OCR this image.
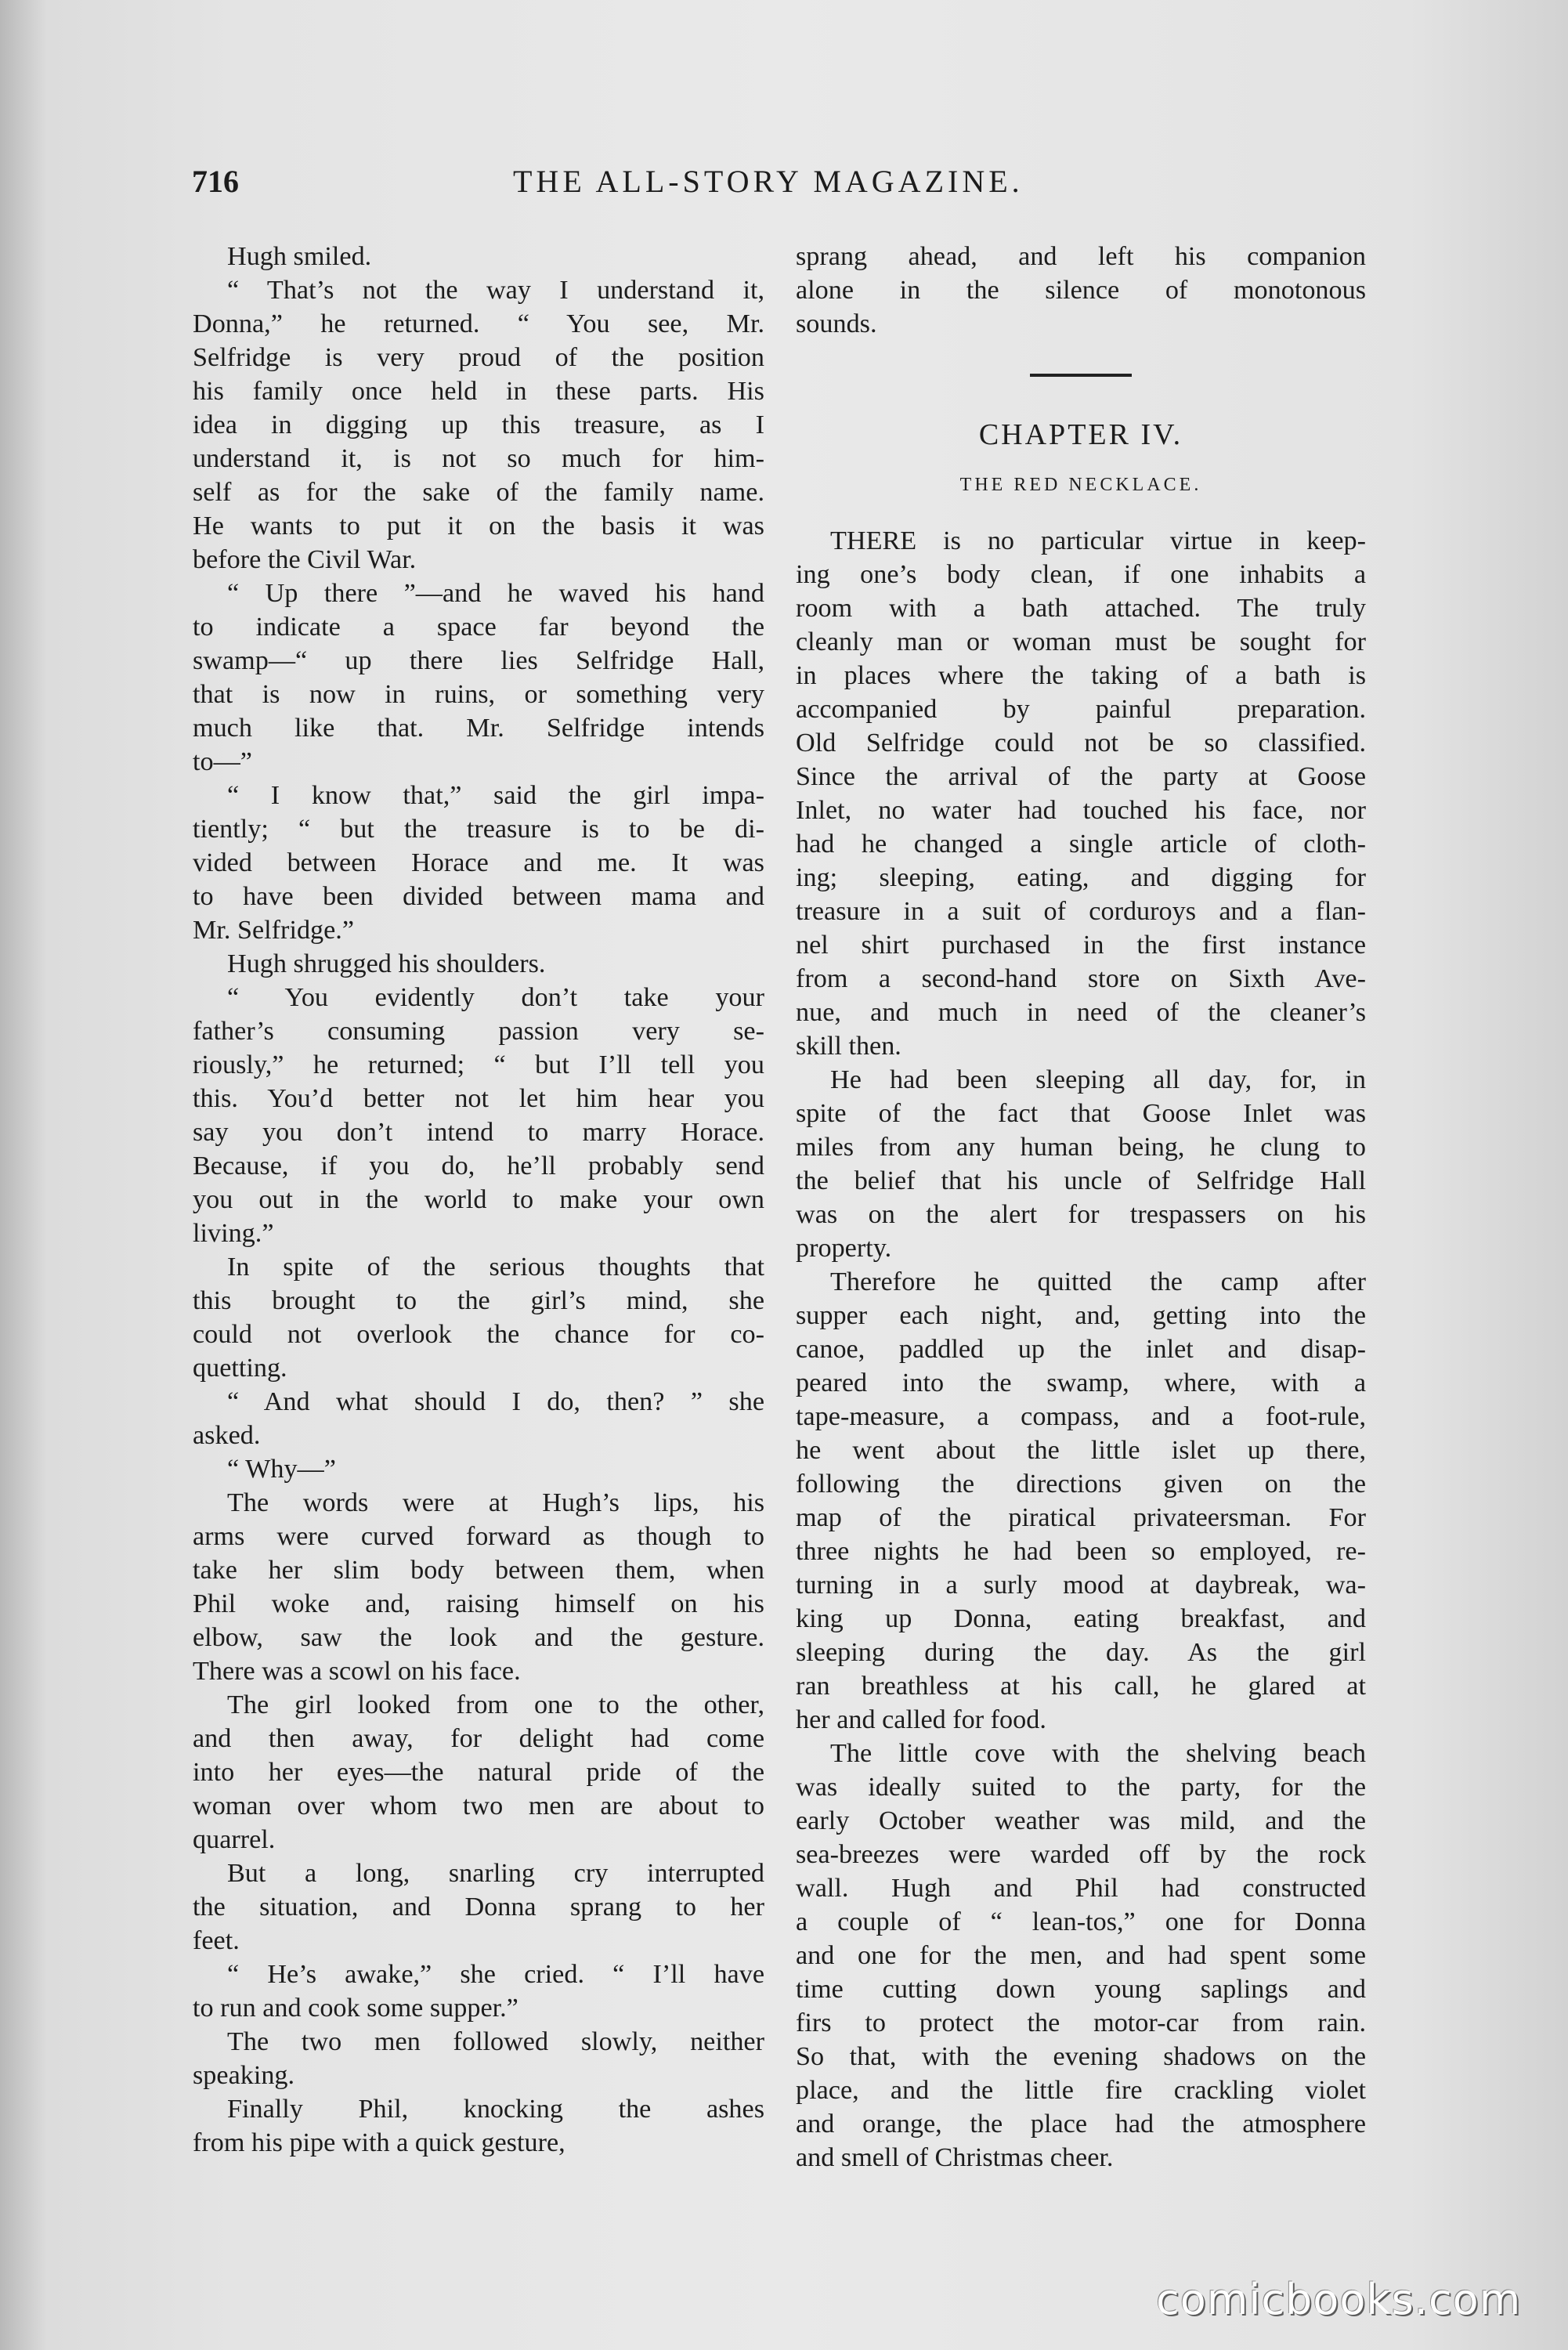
716	THE ALL-STORY MAGAZINE.
Hugh smiled.
“ That’s not the way I understand it,
Donna,” he returned. “ You see, Mr.
Selfridge is very proud of the position
his family once held in these parts. His
idea in digging up this treasure, as I
understand it, is not so much for him-
self as for the sake of the family name.
He wants to put it on the basis it was
before the Civil War.
“ Up there ”—and he waved his hand
to indicate a space far beyond the
swamp—“ up there lies Selfridge Hall,
that is now in ruins, or something very
much like that. Mr. Selfridge intends
to—”
“ I know that,” said the girl impa-
tiently; “ but the treasure is to be di-
vided between Horace and me. It was
to have been divided between mama and
Mr. Selfridge.”
Hugh shrugged his shoulders.
“ You evidently don’t take your
father’s consuming passion very se-
riously,” he returned; “ but I’ll tell you
this. You’d better not let him hear you
say you don’t intend to marry Horace.
Because, if you do, he’ll probably send
you out in the world to make your own
living.”
In spite of the serious thoughts that
this brought to the girl’s mind, she
could not overlook the chance for co-
quetting.
“ And what should I do, then? ” she
asked.
“ Why—”
The words were at Hugh’s lips, his
arms were curved forward as though to
take her slim body between them, when
Phil woke and, raising himself on his
elbow, saw the look and the gesture.
There was a scowl on his face.
The girl looked from one to the other,
and then away, for delight had come
into her eyes—the natural pride of the
woman over whom two men are about to
quarrel.
But a long, snarling cry interrupted
the situation, and Donna sprang to her
feet.
“ He’s awake,” she cried. “ I’ll have
to run and cook some supper.”
The two men followed slowly, neither
speaking.
Finally Phil, knocking the ashes
from his pipe with a quick gesture,
sprang ahead, and left his companion
alone in the silence of monotonous
sounds.
CHAPTER IV.
THE RED NECKLACE.
THERE is no particular virtue in keep-
ing one’s body clean, if one inhabits a
room with a bath attached. The truly
cleanly man or woman must be sought for
in places where the taking of a bath is
accompanied by painful preparation.
Old Selfridge could not be so classified.
Since the arrival of the party at Goose
Inlet, no water had touched his face, nor
had he changed a single article of cloth-
ing; sleeping, eating, and digging for
treasure in a suit of corduroys and a flan-
nel shirt purchased in the first instance
from a second-hand store on Sixth Ave-
nue, and much in need of the cleaner’s
skill then.
He had been sleeping all day, for, in
spite of the fact that Goose Inlet was
miles from any human being, he clung to
the belief that his uncle of Selfridge Hall
was on the alert for trespassers on his
property.
Therefore he quitted the camp after
supper each night, and, getting into the
canoe, paddled up the inlet and disap-
peared into the swamp, where, with a
tape-measure, a compass, and a foot-rule,
he went about the little islet up there,
following the directions given on the
map of the piratical privateersman. For
three nights he had been so employed, re-
turning in a surly mood at daybreak, wa-
king up Donna, eating breakfast, and
sleeping during the day. As the girl
ran breathless at his call, he glared at
her and called for food.
The little cove with the shelving beach
was ideally suited to the party, for the
early October weather was mild, and the
sea-breezes were warded off by the rock
wall. Hugh and Phil had constructed
a couple of “ lean-tos,” one for Donna
and one for the men, and had spent some
time cutting down young saplings and
firs to protect the motor-car from rain.
So that, with the evening shadows on the
place, and the little fire crackling violet
and orange, the place had the atmosphere
and smell of Christmas cheer.
comicbooks.com
